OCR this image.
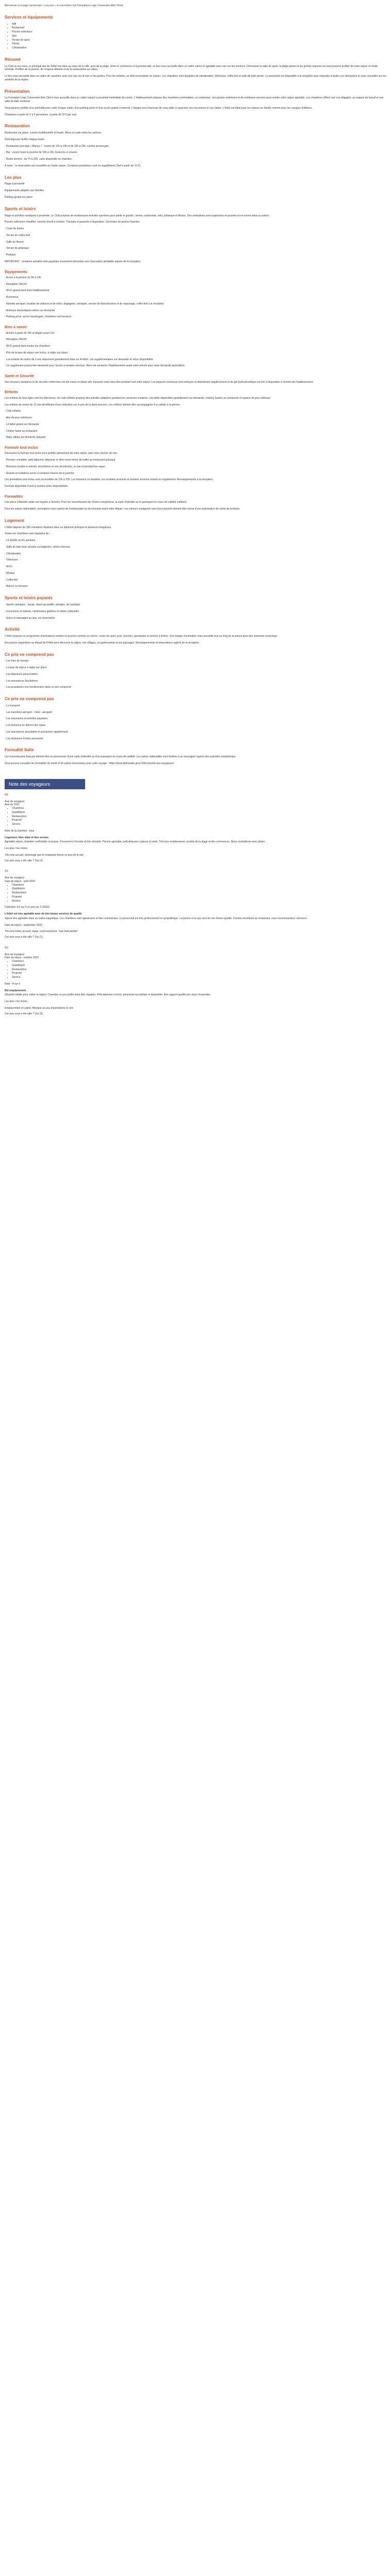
Bienvenue à la page concernant « Lea.ava » et rencontrez nos Formations Logo Conversion Arte Client

Services et équipements
• Wifi
• Restaurant
• Piscine extérieure
• Spa
• Terrain de sport
• Tennis
• Climatisation
Résumé

Le Club et ses murs, le principal lieu de l'hôtel est situé au cœur de la ville, près de la plage. Entre le commerce et la promenade, ce lieu vous accueille dans un cadre calme et agréable avec vue sur les environs. Découvrez la salle de sport, la plage privée et les grands espaces où vous pourrez profiter de votre séjour en toute sérénité. Profitez de la piscine, de l'espace détente et de la restauration sur place.

Le lieu vous accueille dans un cadre de caractère avec une vue sur la mer et les jardins. Pour les enfants, un club est proposé en saison. Les chambres sont équipées de climatisation, télévision, coffre-fort et salle de bain privée. Le personnel est disponible à la réception pour répondre à toutes vos demandes et vous conseiller sur les activités de la région.

Présentation

La Formation Logo Conversion Arte Client vous accueille dans un cadre naturel à proximité immédiate du centre. L'établissement propose des chambres confortables, un restaurant, une piscine extérieure et de nombreux services pour rendre votre séjour agréable. Les chambres offrent une vue dégagée, un espace de travail et une salle de bain moderne.

Vous pourrez profiter d'un petit-déjeuner varié chaque matin, d'un parking privé et d'un accès gratuit à internet. L'équipe sera heureuse de vous aider à organiser vos excursions et vos visites. L'hôtel est idéal pour les séjours en famille comme pour les voyages d'affaires.

Chambres à partir de 2 à 6 personnes, à partir de 20 € par nuit.

Restauration

Restaurant sur place, cuisine traditionnelle et locale. Menu et carte selon les saisons.

Petit-déjeuner buffet chaque matin.

· Restaurant principal « Marius » : ouvert de 12h à 14h et de 19h à 22h, cuisine provençale.

· Bar : ouvert toute la journée de 10h à 23h, boissons et snacks.

· Room service : de 7h à 22h, carte disponible en chambre.

À noter : la réservation est conseillée en haute saison. Certaines prestations sont en supplément (Tarif à partir de 15 €).

Les plus

Plage à proximité

Équipements adaptés aux familles

Parking gratuit sur place

Sports et loisirs

Plage et activités nautiques à proximité. Le Club propose de nombreuses activités sportives pour petits et grands : tennis, randonnée, vélo, pétanque et fitness. Des animations sont organisées en journée et en soirée selon la saison.

Piscine extérieure chauffée, ouverte d'avril à octobre. Transats et parasols à disposition. Serviettes de piscine fournies.

· Court de tennis

· Terrain de volley-ball

· Salle de fitness

· Terrain de pétanque

· Pédalos

IMPORTANT : certaines activités sont payantes et peuvent nécessiter une réservation préalable auprès de la réception.

Équipements

· Accès à la piscine de 9h à 19h

· Réception 24h/24

· Wi-Fi gratuit dans tout l'établissement

· Ascenseur

· Navette aéroport, location de voitures et de vélos, bagagerie, consigne, service de blanchisserie et de repassage, coffre-fort à la réception.

· Animaux domestiques admis sur demande.

· Parking privé, accès handicapés, chambres non-fumeurs.

Bien à savoir

· Arrivée à partir de 15h et départ avant 11h

· Réception 24h/24

· Wi-Fi gratuit dans toutes les chambres

· Prix de la taxe de séjour non inclus, à régler sur place.

· Les enfants de moins de 2 ans séjournent gratuitement dans un lit bébé. Lits supplémentaires sur demande et selon disponibilité.

· Un supplément pourra être demandé pour l'accès à certains services. Merci de contacter l'établissement avant votre arrivée pour toute demande particulière.

Santé et Sécurité

Des mesures sanitaires et de sécurité renforcées ont été mises en place afin d'assurer votre bien-être pendant tout votre séjour. Les espaces communs sont nettoyés et désinfectés régulièrement et du gel hydroalcoolique est mis à disposition à l'entrée de l'établissement.

Enfants

Les enfants de tous âges sont les bienvenus. Un club enfants propose des activités adaptées pendant les vacances scolaires. Lits bébé disponibles gratuitement sur demande, chaises hautes au restaurant et espace de jeux extérieur.

Les enfants de moins de 12 ans bénéficient d'une réduction sur le prix de la demi-pension. Les enfants doivent être accompagnés d'un adulte à la piscine.

· Club enfants

· Aire de jeux extérieure

· Lit bébé gratuit sur demande

· Chaise haute au restaurant

· Baby-sitting sur demande (payant)

Formule tout inclus

Découvrez la formule tout inclus pour profiter pleinement de votre séjour sans vous soucier de rien.

· Pension complète, petit-déjeuner, déjeuner et dîner sous forme de buffet au restaurant principal.

· Boissons locales à volonté, alcoolisées et non alcoolisées, au bar et pendant les repas.

· Snacks et collations servis à certaines heures de la journée.

Les prestations tout inclus sont accessibles de 10h à 23h. Les boissons en bouteille, les cocktails premium et certains services restent en supplément. Renseignements à la réception.

Formule disponible d'avril à octobre selon disponibilités.

Formalités

Une pièce d'identité valide est requise à l'arrivée. Pour les ressortissants de l'Union européenne, la carte d'identité ou le passeport en cours de validité suffisent.

Pour les autres nationalités, renseignez-vous auprès de l'ambassade ou du consulat avant votre départ. Les mineurs voyageant sans leurs parents doivent être munis d'une autorisation de sortie du territoire.

Logement

L'hôtel dispose de 180 chambres réparties dans un bâtiment principal et plusieurs bungalows.

Toutes les chambres sont équipées de :

· Lit double ou lits jumeaux

· Salle de bain avec douche ou baignoire, sèche-cheveux

· Climatisation

· Télévision

· Wi-Fi

· Minibar

· Coffre-fort

· Balcon ou terrasse

Sports et loisirs payants

· Sports nautiques : kayak, stand up paddle, plongée, ski nautique

· Excursions en bateau, randonnées guidées et visites culturelles

· Soins et massages au spa, sur réservation

Activité

L'hôtel propose un programme d'animations variées en journée comme en soirée : cours de sport, jeux, tournois, spectacles et soirées à thème. Une équipe d'animation vous accueille tout au long de la saison pour des moments conviviaux.

Excursions organisées au départ de l'hôtel pour découvrir la région, ses villages, sa gastronomie et ses paysages. Renseignements et réservations auprès de la réception.

Ce prix ne comprend pas

· Les frais de dossier

· La taxe de séjour à régler sur place

· Les dépenses personnelles

· Les assurances facultatives

· Les prestations non mentionnées dans ce prix comprend

Ce prix ne comprend pas

· Le transport

· Les transferts aéroport - hôtel - aéroport

· Les excursions et activités payantes

· Les boissons en dehors des repas

· Les assurances annulation et assistance rapatriement

· Les dépenses d'ordre personnel

Formalité Italie

Les ressortissants français doivent être en possession d'une carte d'identité ou d'un passeport en cours de validité. Les autres nationalités sont invitées à se renseigner auprès des autorités compétentes.

Vous pouvez consulter les formalités de santé et de police nécessaires pour votre voyage : https://www.diplomatie.gouv.fr/fr/conseils-aux-voyageurs/

Note des voyageurs

4,6

Avis de voyageur

Avis du 2022

• Chambres
• Qualité/prix
• Restauration
• Propreté
• Service

Note de la chambre : tous

Logement, bien situé et bon service

Agréable séjour, chambre confortable et propre. Personnel à l'écoute et très aimable. Piscine agréable, petit-déjeuner copieux et varié. Très bon emplacement, proche de la plage et des commerces. Nous reviendrons avec plaisir.

Les plus / les moins :

Très bon accueil, dommage que le restaurant ferme un peu tôt le soir.

Cet avis vous a été utile ? Oui (3)

4,5

Avis de voyageur

Date du séjour : août 2022

• Chambres
• Qualité/prix
• Restauration
• Propreté
• Service

Collection 4,5 sur 5 et avis sur 3 (2022)

L'hôtel est très agréable avec de très beaux services de qualité

Séjour très agréable dans un cadre magnifique. Les chambres sont spacieuses et bien entretenues. Le personnel est très professionnel et sympathique. La piscine et le spa sont de très bonne qualité. Cuisine excellente au restaurant, nous recommandons vivement.

Date du séjour : septembre 2022

Très bon hôtel, accueil, repas, environnement : tout était parfait !

Cet avis vous a été utile ? Oui (1)

4,0

Avis de voyageur

Date du séjour : octobre 2022

• Chambres
• Qualité/prix
• Restauration
• Propreté
• Service

Note : 4 sur 5

Bel emplacement

Situation idéale pour visiter la région. Chambre un peu petite mais bien équipée. Petit-déjeuner correct, personnel accueillant et disponible. Bon rapport qualité-prix dans l'ensemble.

Les plus / les moins :

Emplacement et calme. Manque un peu d'animations le soir.

Cet avis vous a été utile ? Oui (0)
